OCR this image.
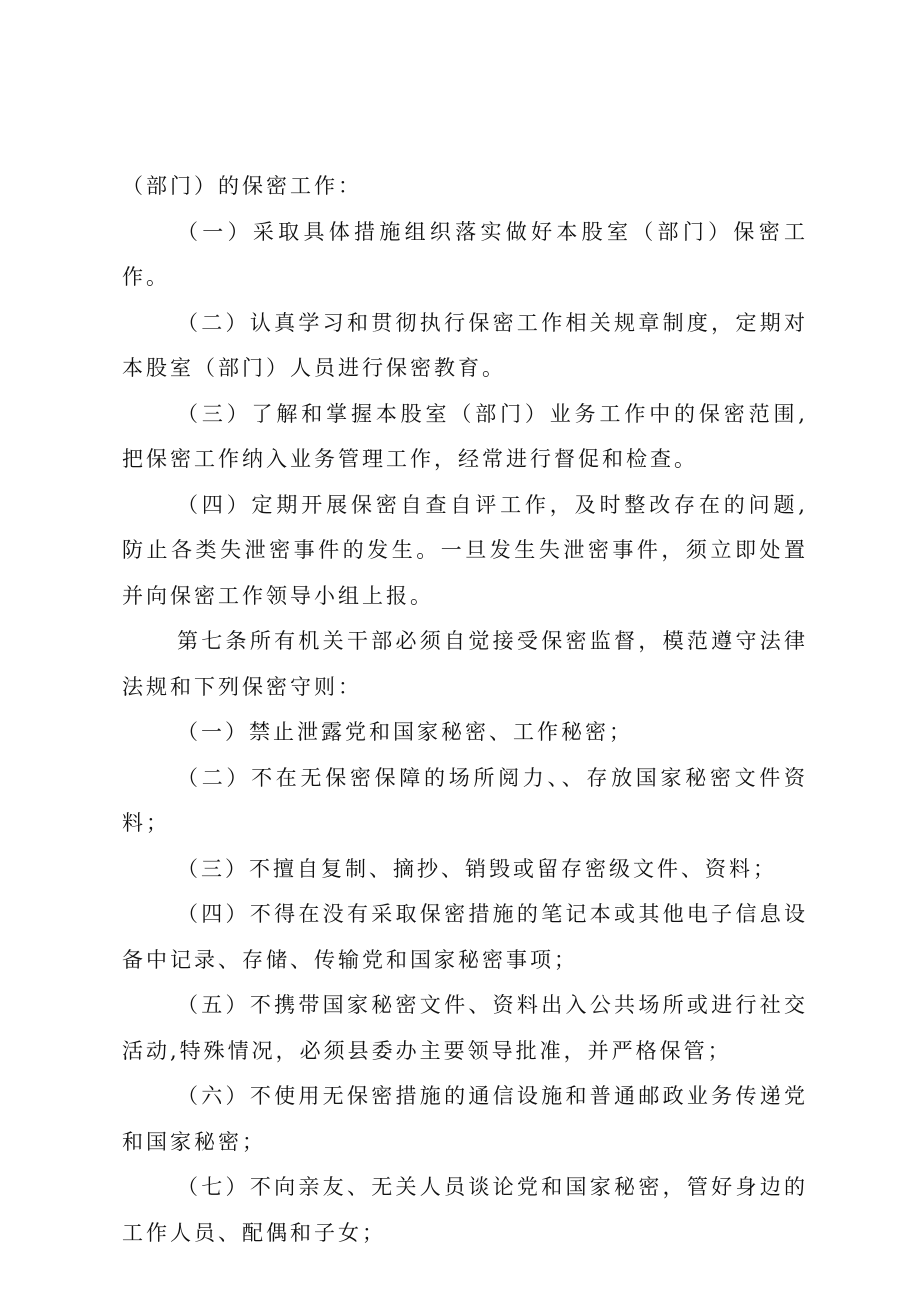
（部门）的保密工作：

（一）采取具体措施组织落实做好本股室（部门）保密工作。

（二）认真学习和贯彻执行保密工作相关规章制度，定期对本股室（部门）人员进行保密教育。

（三）了解和掌握本股室（部门）业务工作中的保密范围,把保密工作纳入业务管理工作，经常进行督促和检查。

（四）定期开展保密自查自评工作，及时整改存在的问题,防止各类失泄密事件的发生。一旦发生失泄密事件，须立即处置并向保密工作领导小组上报。

第七条所有机关干部必须自觉接受保密监督，模范遵守法律法规和下列保密守则：

（一）禁止泄露党和国家秘密、工作秘密；

（二）不在无保密保障的场所阅力、、存放国家秘密文件资料；

（三）不擅自复制、摘抄、销毁或留存密级文件、资料；

（四）不得在没有采取保密措施的笔记本或其他电子信息设备中记录、存储、传输党和国家秘密事项；

（五）不携带国家秘密文件、资料出入公共场所或进行社交活动,特殊情况，必须县委办主要领导批准，并严格保管；

（六）不使用无保密措施的通信设施和普通邮政业务传递党和国家秘密；

（七）不向亲友、无关人员谈论党和国家秘密，管好身边的工作人员、配偶和子女；
